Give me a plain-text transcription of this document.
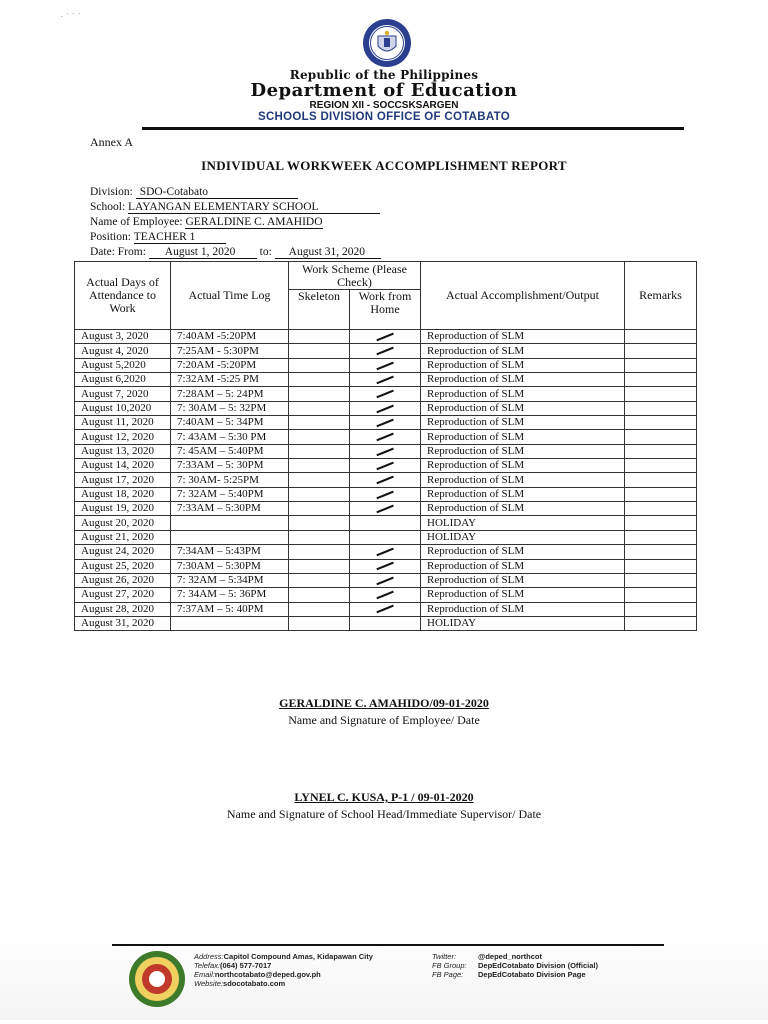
· ˙ ˙ ˙
Republic of the Philippines
Department of Education
REGION XII - SOCCSKSARGEN
SCHOOLS DIVISION OFFICE OF COTABATO
Annex A
INDIVIDUAL WORKWEEK ACCOMPLISHMENT REPORT
Division: SDO-Cotabato
School: LAYANGAN ELEMENTARY SCHOOL
Name of Employee: GERALDINE C. AMAHIDO
Position: TEACHER 1
Date: From: August 1, 2020 to: August 31, 2020
Actual Days of Attendance to Work	Actual Time Log	Work Scheme (Please Check)		Actual Accomplishment/Output	Remarks
		Skeleton	Work from Home		
August 3, 2020	7:40AM -5:20PM			Reproduction of SLM	
August 4, 2020	7:25AM - 5:30PM			Reproduction of SLM	
August 5,2020	7:20AM -5:20PM			Reproduction of SLM	
August 6,2020	7:32AM -5:25 PM			Reproduction of SLM	
August 7, 2020	7:28AM – 5: 24PM			Reproduction of SLM	
August 10,2020	7: 30AM – 5: 32PM			Reproduction of SLM	
August 11, 2020	7:40AM – 5: 34PM			Reproduction of SLM	
August 12, 2020	7: 43AM – 5:30 PM			Reproduction of SLM	
August 13, 2020	7: 45AM – 5:40PM			Reproduction of SLM	
August 14, 2020	7:33AM – 5: 30PM			Reproduction of SLM	
August 17, 2020	7: 30AM- 5:25PM			Reproduction of SLM	
August 18, 2020	7: 32AM – 5:40PM			Reproduction of SLM	
August 19, 2020	7:33AM – 5:30PM			Reproduction of SLM	
August 20, 2020				HOLIDAY	
August 21, 2020				HOLIDAY	
August 24, 2020	7:34AM – 5:43PM			Reproduction of SLM	
August 25, 2020	7:30AM – 5:30PM			Reproduction of SLM	
August 26, 2020	7: 32AM – 5:34PM			Reproduction of SLM	
August 27, 2020	7: 34AM – 5: 36PM			Reproduction of SLM	
August 28, 2020	7:37AM – 5: 40PM			Reproduction of SLM	
August 31, 2020				HOLIDAY	
GERALDINE C. AMAHIDO/09-01-2020
Name and Signature of Employee/ Date
LYNEL C. KUSA, P-1 / 09-01-2020
Name and Signature of School Head/Immediate Supervisor/ Date
Address:Capitol Compound Amas, Kidapawan City
Telefax:(064) 577-7017
Email:northcotabato@deped.gov.ph
Website:sdocotabato.com
Twitter:	@deped_northcot
FB Group: DepEdCotabato Division (Official)
FB Page: DepEdCotabato Division Page
